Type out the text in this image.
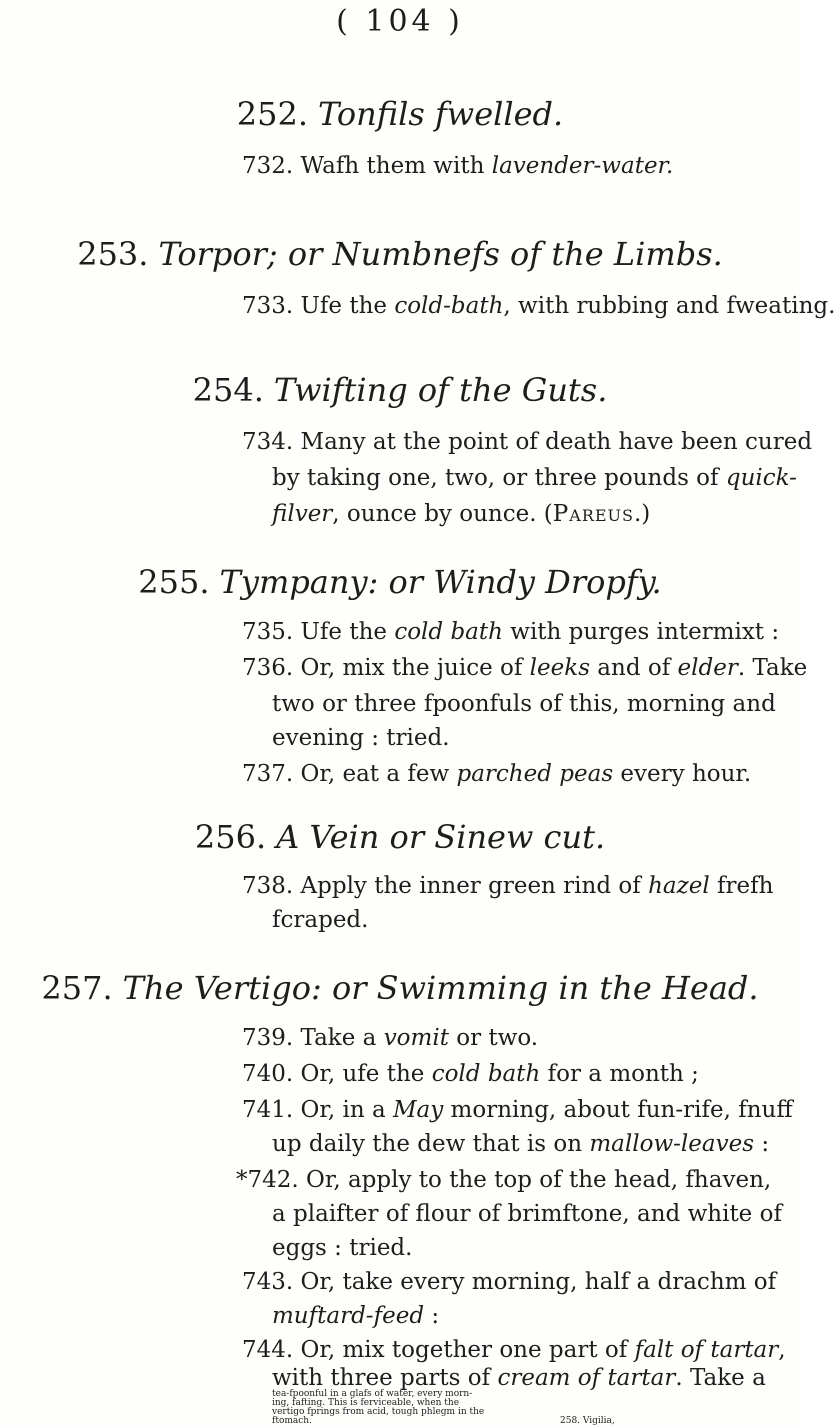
( 104 )
252. Tonfils fwelled.
732. Wafh them with lavender-water.
253. Torpor; or Numbnefs of the Limbs.
733. Ufe the cold-bath, with rubbing and fweating.
254. Twifting of the Guts.
734. Many at the point of death have been cured
by taking one, two, or three pounds of quick-
filver, ounce by ounce. (Pareus.)
255. Tympany: or Windy Dropfy.
735. Ufe the cold bath with purges intermixt :
736. Or, mix the juice of leeks and of elder. Take
two or three fpoonfuls of this, morning and
evening : tried.
737. Or, eat a few parched peas every hour.
256. A Vein or Sinew cut.
738. Apply the inner green rind of hazel frefh
fcraped.
257. The Vertigo: or Swimming in the Head.
739. Take a vomit or two.
740. Or, ufe the cold bath for a month ;
741. Or, in a May morning, about fun-rife, fnuff
up daily the dew that is on mallow-leaves :
*742. Or, apply to the top of the head, fhaven,
a plaifter of flour of brimftone, and white of
eggs : tried.
743. Or, take every morning, half a drachm of
muftard-feed :
744. Or, mix together one part of falt of tartar,
with three parts of cream of tartar. Take a
tea-fpoonful in a glafs of water, every morn-
ing, fafting. This is ferviceable, when the
vertigo fprings from acid, tough phlegm in the
ftomach.	258. Vigilia,
